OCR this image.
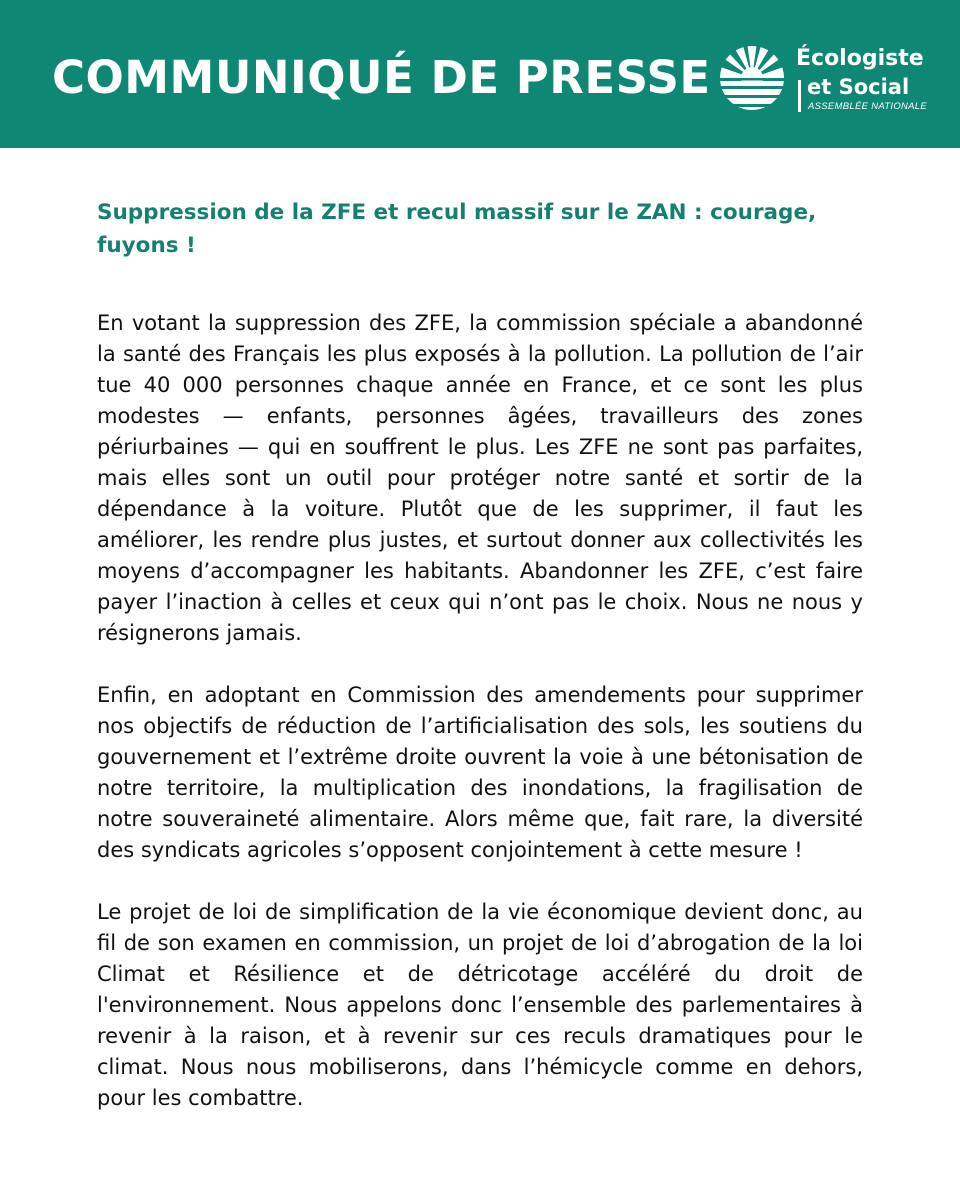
COMMUNIQUÉ DE PRESSE	Écologiste
et Social
ASSEMBLÉE NATIONALE
Suppression de la ZFE et recul massif sur le ZAN : courage, fuyons !

En votant la suppression des ZFE, la commission spéciale a abandonné la santé des Français les plus exposés à la pollution. La pollution de l’air tue 40 000 personnes chaque année en France, et ce sont les plus modestes — enfants, personnes âgées, travailleurs des zones périurbaines — qui en souffrent le plus. Les ZFE ne sont pas parfaites, mais elles sont un outil pour protéger notre santé et sortir de la dépendance à la voiture. Plutôt que de les supprimer, il faut les améliorer, les rendre plus justes, et surtout donner aux collectivités les moyens d’accompagner les habitants. Abandonner les ZFE, c’est faire payer l’inaction à celles et ceux qui n’ont pas le choix. Nous ne nous y résignerons jamais.

Enfin, en adoptant en Commission des amendements pour supprimer nos objectifs de réduction de l’artificialisation des sols, les soutiens du gouvernement et l’extrême droite ouvrent la voie à une bétonisation de notre territoire, la multiplication des inondations, la fragilisation de notre souveraineté alimentaire. Alors même que, fait rare, la diversité des syndicats agricoles s’opposent conjointement à cette mesure !

Le projet de loi de simplification de la vie économique devient donc, au fil de son examen en commission, un projet de loi d’abrogation de la loi Climat et Résilience et de détricotage accéléré du droit de l'environnement. Nous appelons donc l’ensemble des parlementaires à revenir à la raison, et à revenir sur ces reculs dramatiques pour le climat. Nous nous mobiliserons, dans l’hémicycle comme en dehors, pour les combattre.
